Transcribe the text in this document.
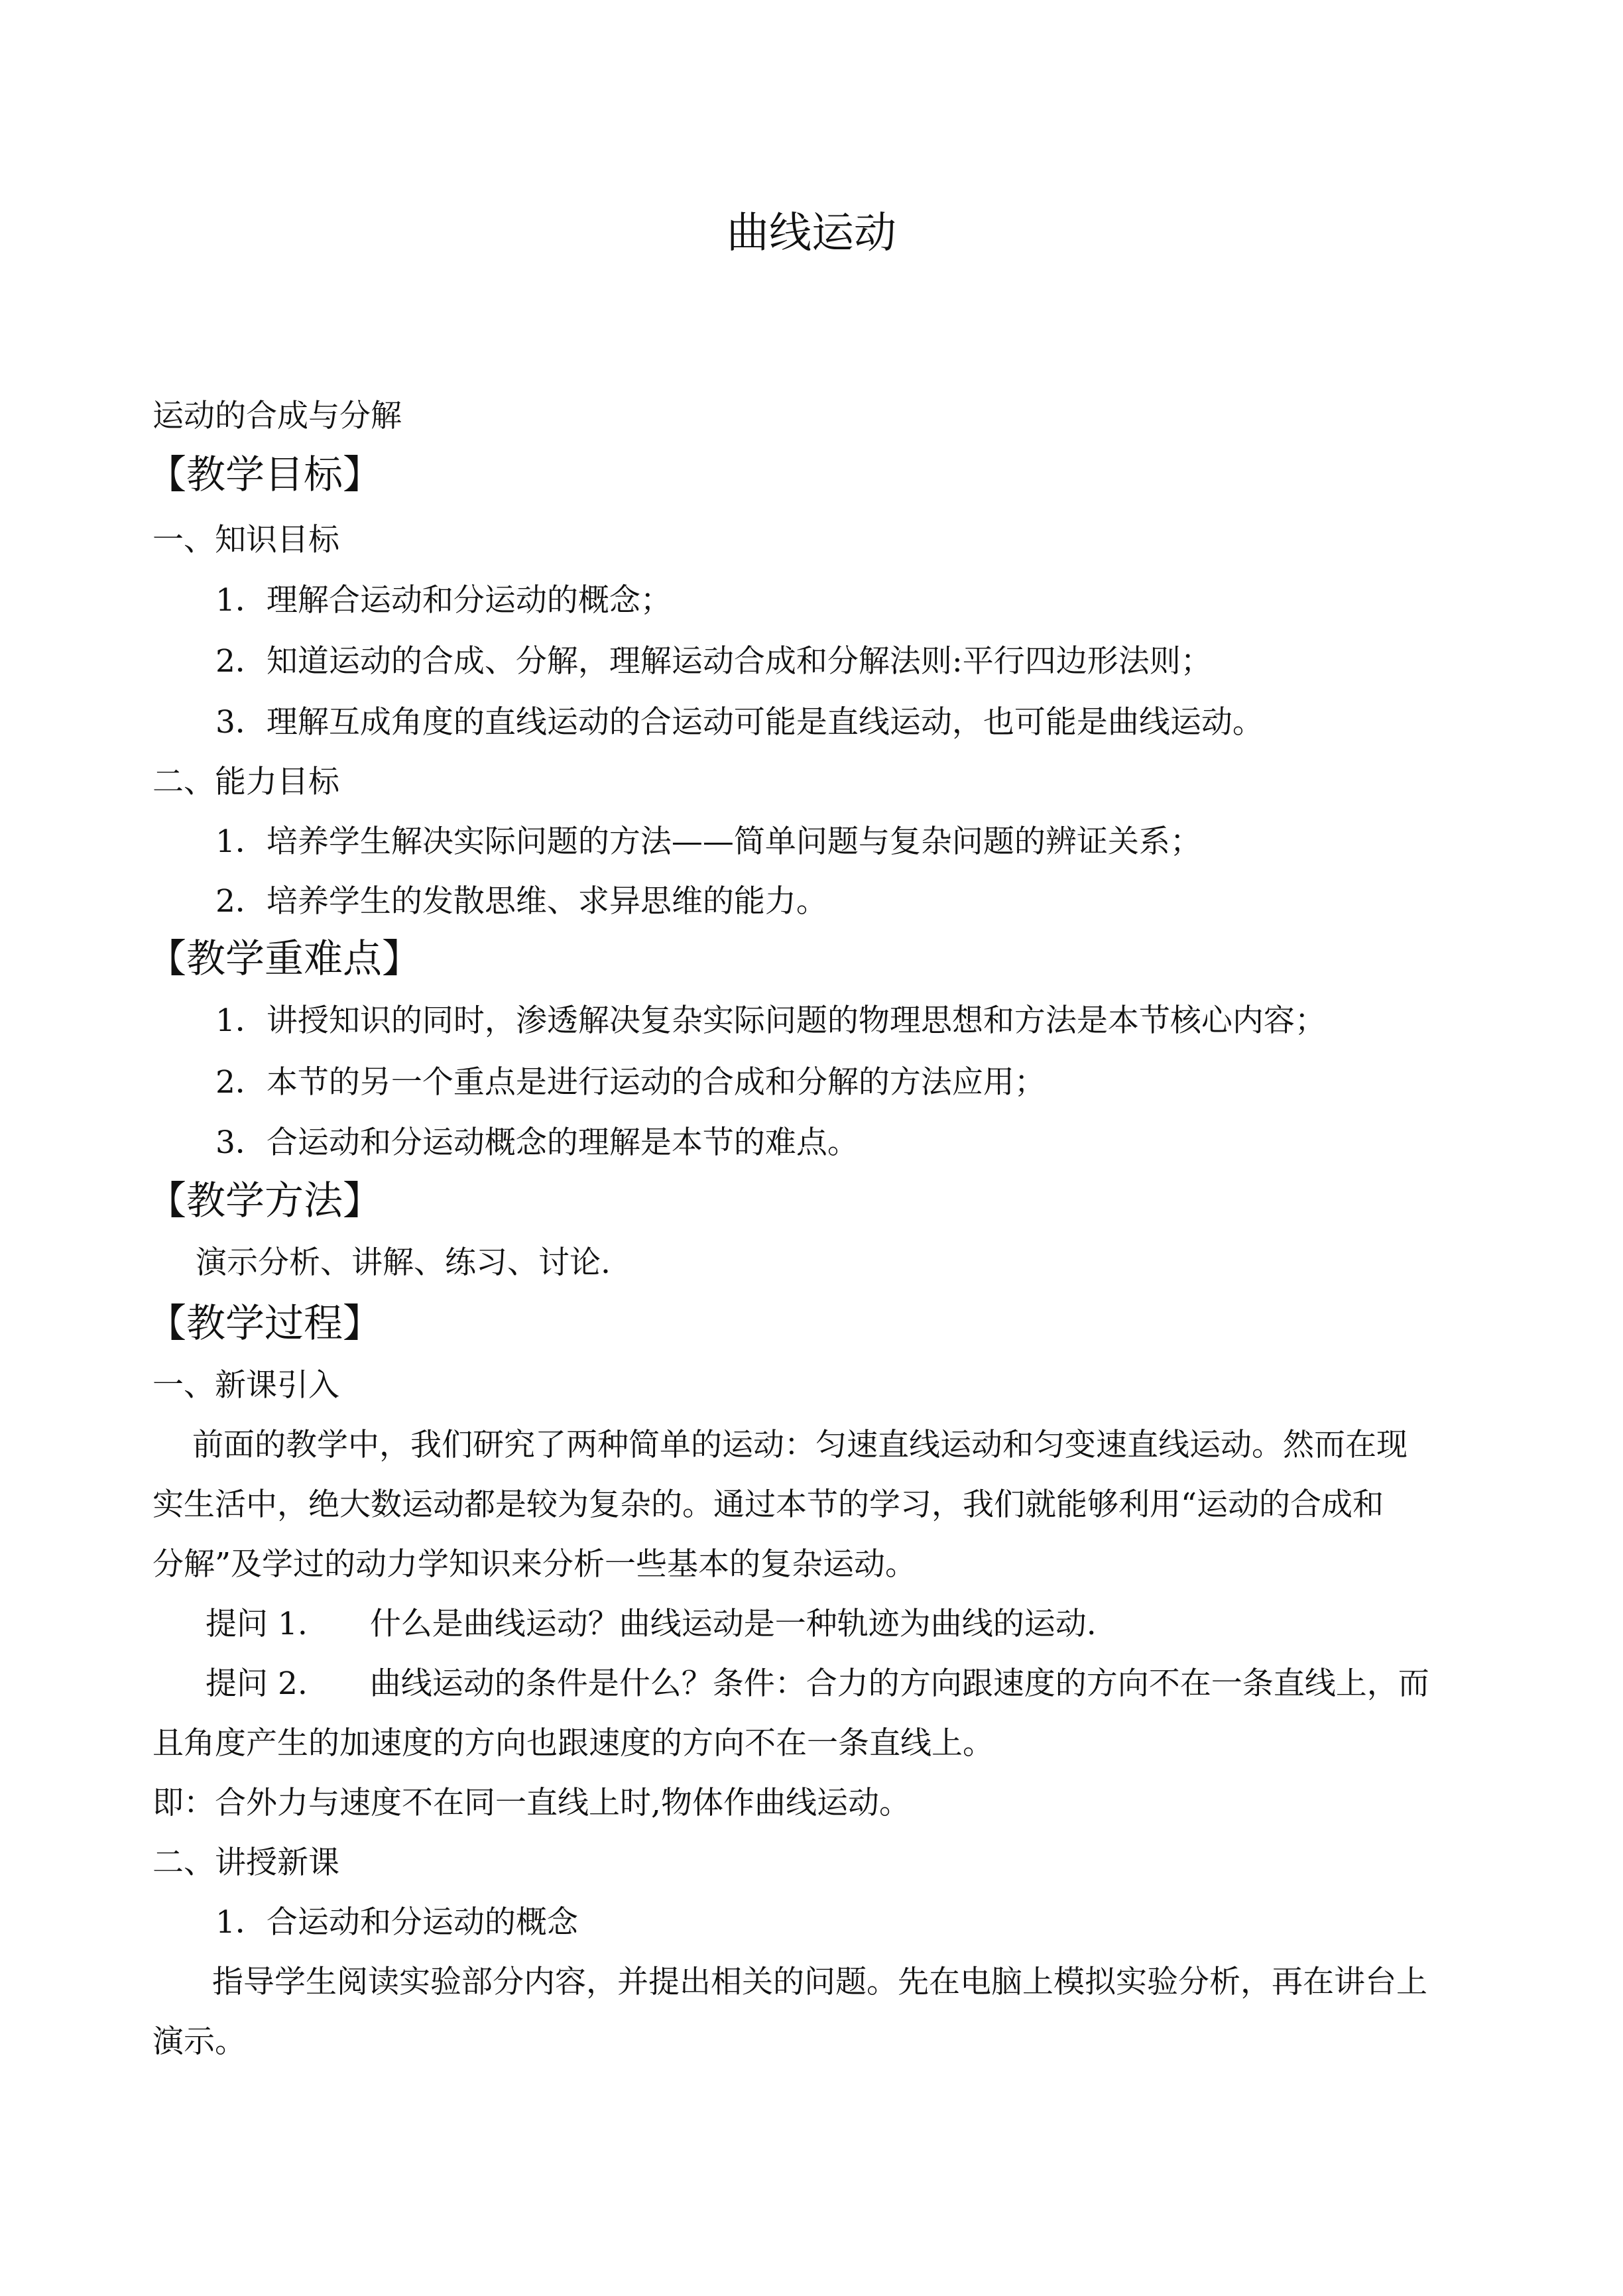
曲线运动
运动的合成与分解
【教学目标】
一、知识目标
1．理解合运动和分运动的概念；
2．知道运动的合成、分解，理解运动合成和分解法则:平行四边形法则；
3．理解互成角度的直线运动的合运动可能是直线运动，也可能是曲线运动。
二、能力目标
1．培养学生解决实际问题的方法——简单问题与复杂问题的辨证关系；
2．培养学生的发散思维、求异思维的能力。
【教学重难点】
1．讲授知识的同时，渗透解决复杂实际问题的物理思想和方法是本节核心内容；
2．本节的另一个重点是进行运动的合成和分解的方法应用；
3．合运动和分运动概念的理解是本节的难点。
【教学方法】
演示分析、讲解、练习、讨论.
【教学过程】
一、新课引入
前面的教学中，我们研究了两种简单的运动：匀速直线运动和匀变速直线运动。然而在现
实生活中，绝大数运动都是较为复杂的。通过本节的学习，我们就能够利用“运动的合成和
分解”及学过的动力学知识来分析一些基本的复杂运动。
提问 1.　　什么是曲线运动？曲线运动是一种轨迹为曲线的运动.
提问 2.　　曲线运动的条件是什么？条件：合力的方向跟速度的方向不在一条直线上，而
且角度产生的加速度的方向也跟速度的方向不在一条直线上。
即：合外力与速度不在同一直线上时,物体作曲线运动。
二、讲授新课
1．合运动和分运动的概念
指导学生阅读实验部分内容，并提出相关的问题。先在电脑上模拟实验分析，再在讲台上
演示。
